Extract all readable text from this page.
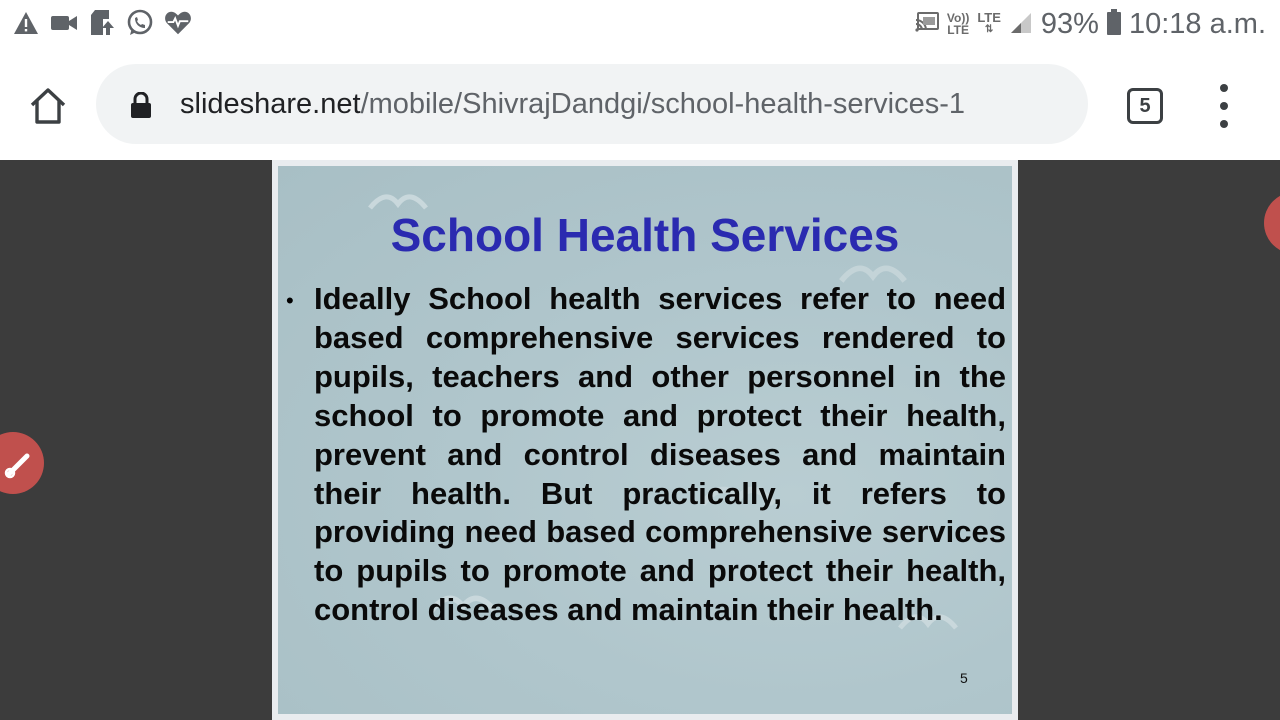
Vo))
LTE
LTE
⇅ 93% 10:18 a.m.
slideshare.net/mobile/ShivrajDandgi/school-health-services-1	5
School Health Services
• Ideally School health services refer to need based comprehensive services rendered to pupils, teachers and other personnel in the school to promote and protect their health, prevent and control diseases and maintain their health. But practically, it refers to providing need based comprehensive services to pupils to promote and protect their health, control diseases and maintain their health.
5
